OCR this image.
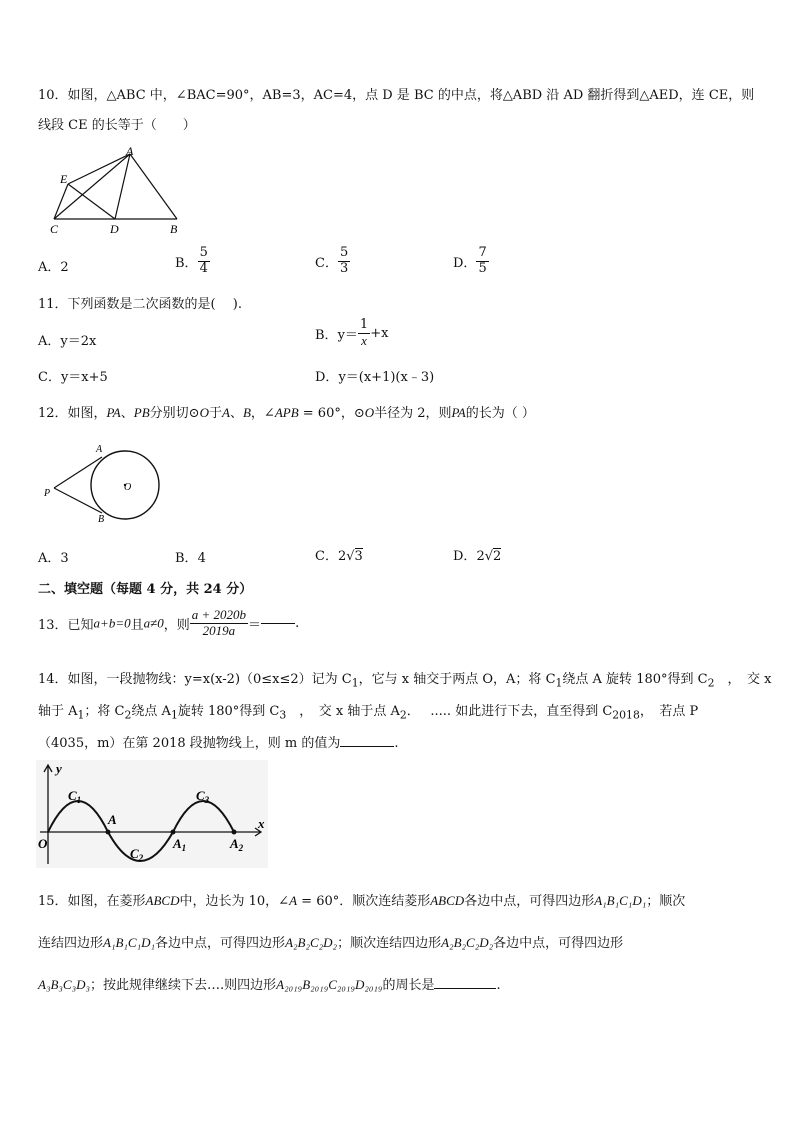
10．如图，△ABC 中，∠BAC=90°，AB=3，AC=4，点 D 是 BC 的中点，将△ABD 沿 AD 翻折得到△AED，连 CE，则
线段 CE 的长等于（　　）
A
E
C	D	B
A．2	B． $\frac{5}{4}$	C． $\frac{5}{3}$	D． $\frac{7}{5}$
11．下列函数是二次函数的是(　 ).
A．y＝2x	B．$y= \frac{1}{x} +x$
C．y＝x+5	D．y＝(x+1)(x﹣3)
12．如图，PA、PB分别切⊙O于A、B，∠APB = 60°，⊙O半径为 2，则PA的长为（ ）
A
P
B
O
A．3	B．4	C．2√3	D．2√2
二、填空题（每题 4 分，共 24 分）
13．已知a+b=0且a≠0，则 $\frac{a + 2020b}{2019a}$ ＝	.
14．如图，一段抛物线：y=x(x-2)（0≤x≤2）记为 $C_1$，它与 x 轴交于两点 O，A；将 $C_1$绕点 A 旋转 180°得到 $C_2$　，　交 x
轴于 $A_1$；将 $C_2$绕点 $A_1$旋转 180°得到 $C_3$　，　交 x 轴于点 $A_2$．　 ..... 如此进行下去，直至得到 $C_{2018}$，　若点 P
（4035，m）在第 2018 段抛物线上，则 m 的值为	.
y
x
O
A
$A_1$	$A_2$
$C_1$
$C_2$
$C_3$
15．如图，在菱形ABCD中，边长为 10，∠A = 60°．顺次连结菱形ABCD各边中点，可得四边形A₁B₁C₁D₁；顺次
连结四边形A₁B₁C₁D₁各边中点，可得四边形A₂B₂C₂D₂；顺次连结四边形A₂B₂C₂D₂各边中点，可得四边形
A₃B₃C₃D₃；按此规律继续下去….则四边形A₂₀₁₉B₂₀₁₉C₂₀₁₉D₂₀₁₉的周长是	.
